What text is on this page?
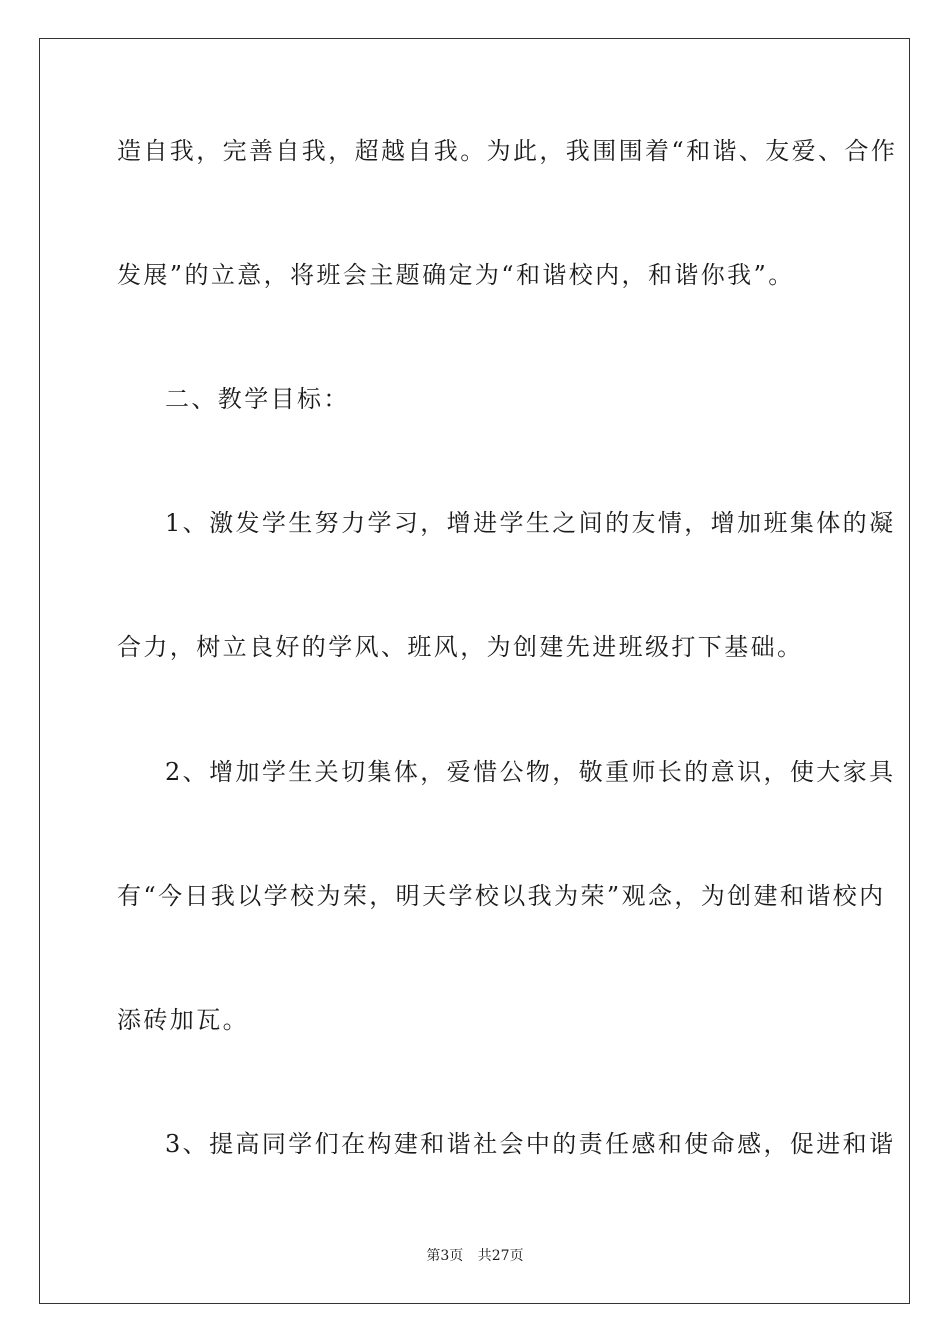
造自我，完善自我，超越自我。为此，我围围着“和谐、友爱、合作
发展”的立意，将班会主题确定为“和谐校内，和谐你我”。
二、教学目标：
1、激发学生努力学习，增进学生之间的友情，增加班集体的凝
合力，树立良好的学风、班风，为创建先进班级打下基础。
2、增加学生关切集体，爱惜公物，敬重师长的意识，使大家具
有“今日我以学校为荣，明天学校以我为荣”观念，为创建和谐校内
添砖加瓦。
3、提高同学们在构建和谐社会中的责任感和使命感，促进和谐
第3页 共27页
